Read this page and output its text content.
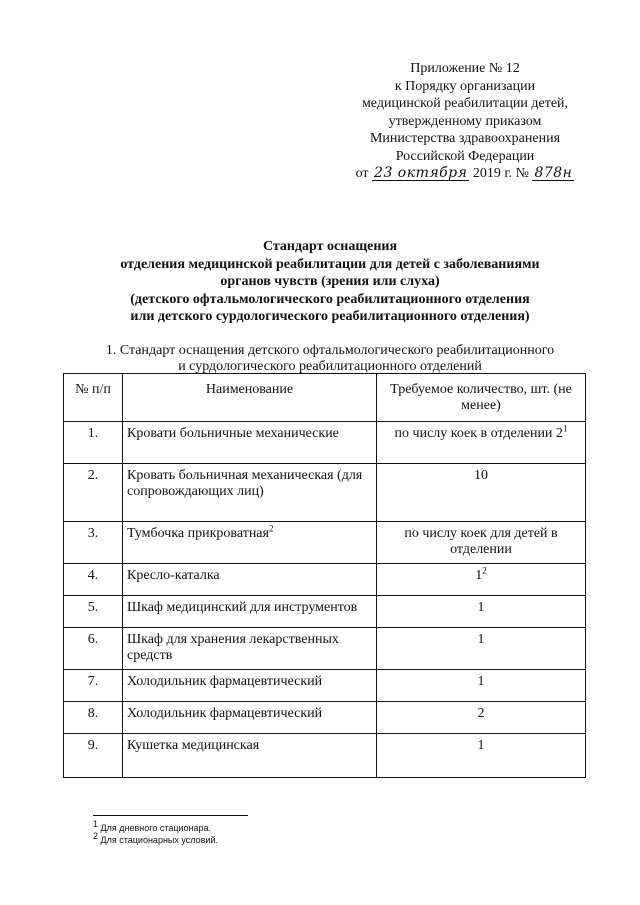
Приложение № 12
к Порядку организации
медицинской реабилитации детей,
утвержденному приказом
Министерства здравоохранения
Российской Федерации
от 23 октября 2019 г. № 878н
Стандарт оснащения
отделения медицинской реабилитации для детей с заболеваниями
органов чувств (зрения или слуха)
(детского офтальмологического реабилитационного отделения
или детского сурдологического реабилитационного отделения)
1. Стандарт оснащения детского офтальмологического реабилитационного
и сурдологического реабилитационного отделений
№ п/п	Наименование	Требуемое количество, шт. (не менее)
1.	Кровати больничные механические	по числу коек в отделении $2^1$
2.	Кровать больничная механическая (для сопровождающих лиц)	10
3.	Тумбочка прикроватная$^2$	по числу коек для детей в отделении
4.	Кресло-каталка	$1^2$
5.	Шкаф медицинский для инструментов	1
6.	Шкаф для хранения лекарственных средств	1
7.	Холодильник фармацевтический	1
8.	Холодильник фармацевтический	2
9.	Кушетка медицинская	1
$^1$ Для дневного стационара.
$^2$ Для стационарных условий.
